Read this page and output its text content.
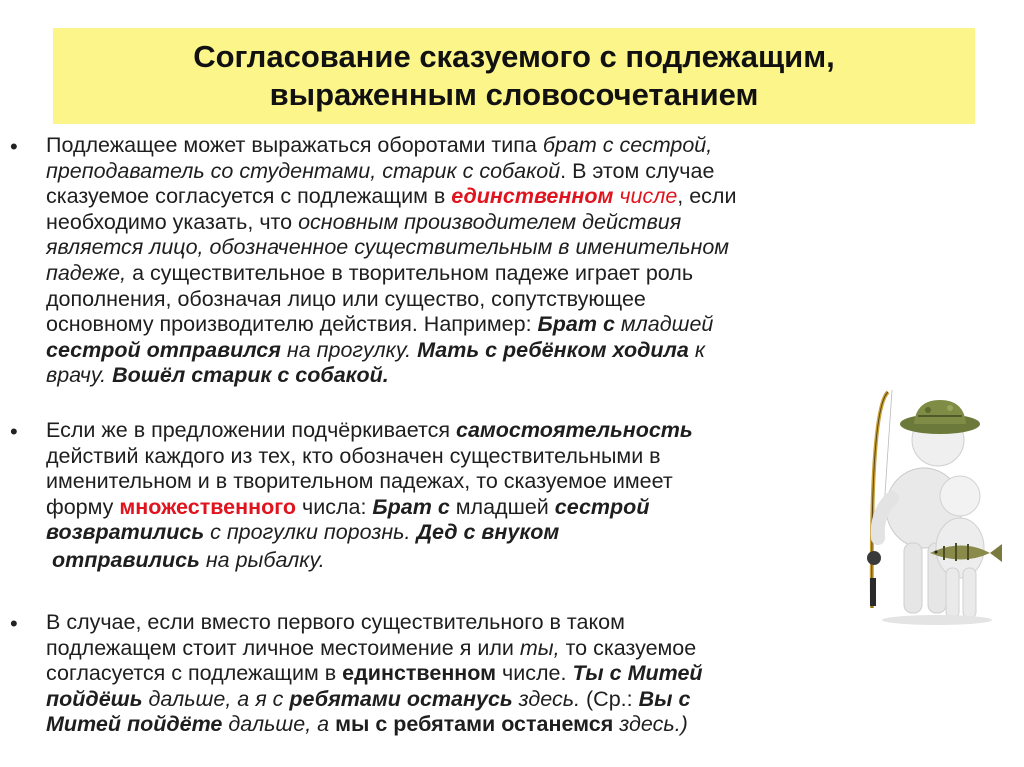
Согласование сказуемого с подлежащим,
выраженным словосочетанием
• Подлежащее может выражаться оборотами типа брат с сестрой,
преподаватель со студентами, старик с собакой. В этом случае
сказуемое согласуется с подлежащим в единственном числе, если
необходимо указать, что основным производителем действия
является лицо, обозначенное существительным в именительном
падеже, а существительное в творительном падеже играет роль
дополнения, обозначая лицо или существо, сопутствующее
основному производителю действия. Например: Брат с младшей
сестрой отправился на прогулку. Мать с ребёнком ходила к
врачу. Вошёл старик с собакой.
• Если же в предложении подчёркивается самостоятельность
действий каждого из тех, кто обозначен существительными в
именительном и в творительном падежах, то сказуемое имеет
форму множественного числа: Брат с младшей сестрой
возвратились с прогулки порознь. Дед с внуком
отправились на рыбалку.
• В случае, если вместо первого существительного в таком
подлежащем стоит личное местоимение я или ты, то сказуемое
согласуется с подлежащим в единственном числе. Ты с Митей
пойдёшь дальше, а я с ребятами останусь здесь. (Ср.: Вы с
Митей пойдёте дальше, а мы с ребятами останемся здесь.)
